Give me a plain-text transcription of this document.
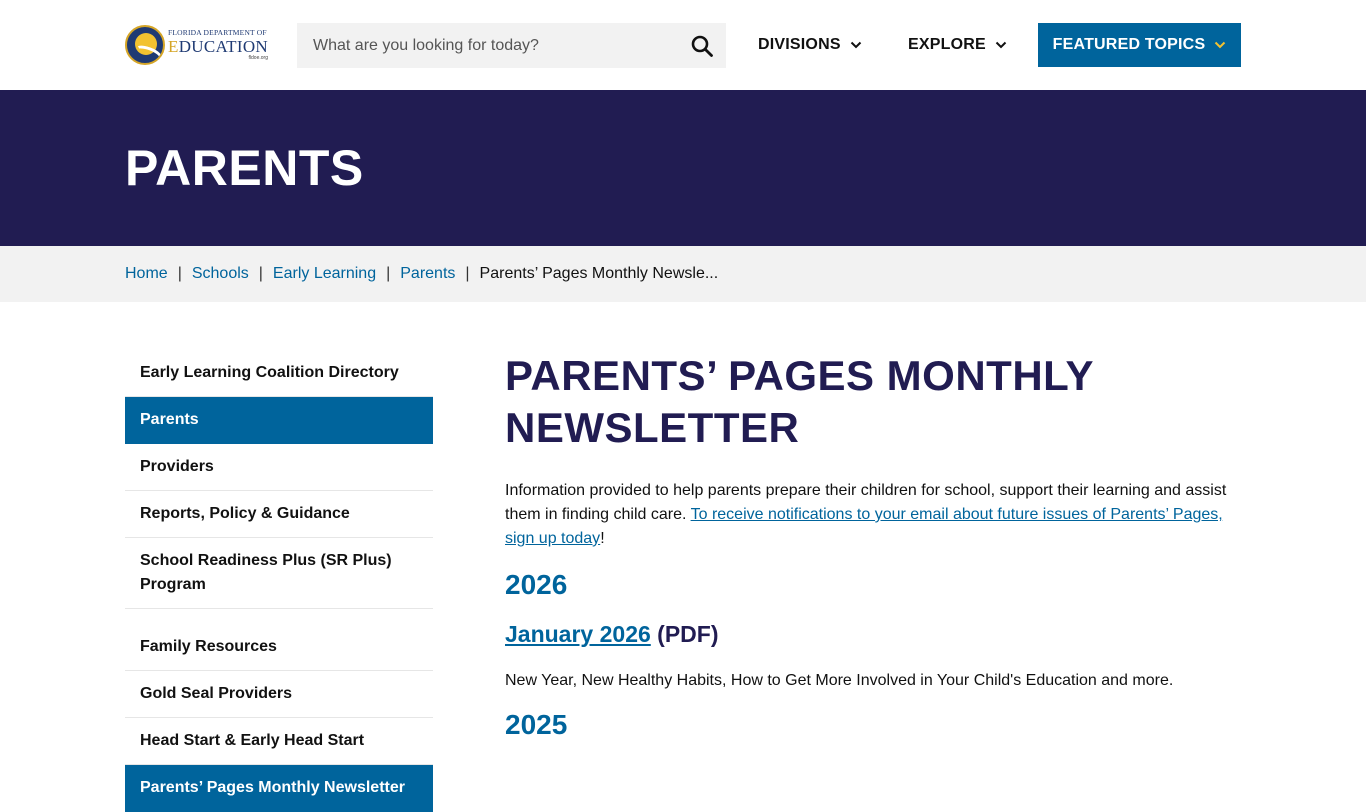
FLORIDA DEPARTMENT OF
EDUCATION
fldoe.org
What are you looking for today?
DIVISIONS	EXPLORE	FEATURED TOPICS
PARENTS
Home | Schools | Early Learning | Parents | Parents’ Pages Monthly Newsle...
Early Learning Coalition Directory
Parents
Providers
Reports, Policy & Guidance
School Readiness Plus (SR Plus) Program
Family Resources
Gold Seal Providers
Head Start & Early Head Start
Parents’ Pages Monthly Newsletter
PARENTS’ PAGES MONTHLY NEWSLETTER

Information provided to help parents prepare their children for school, support their learning and assist them in finding child care. To receive notifications to your email about future issues of Parents’ Pages, sign up today!

2026
January 2026 (PDF)

New Year, New Healthy Habits, How to Get More Involved in Your Child's Education and more.

2025
